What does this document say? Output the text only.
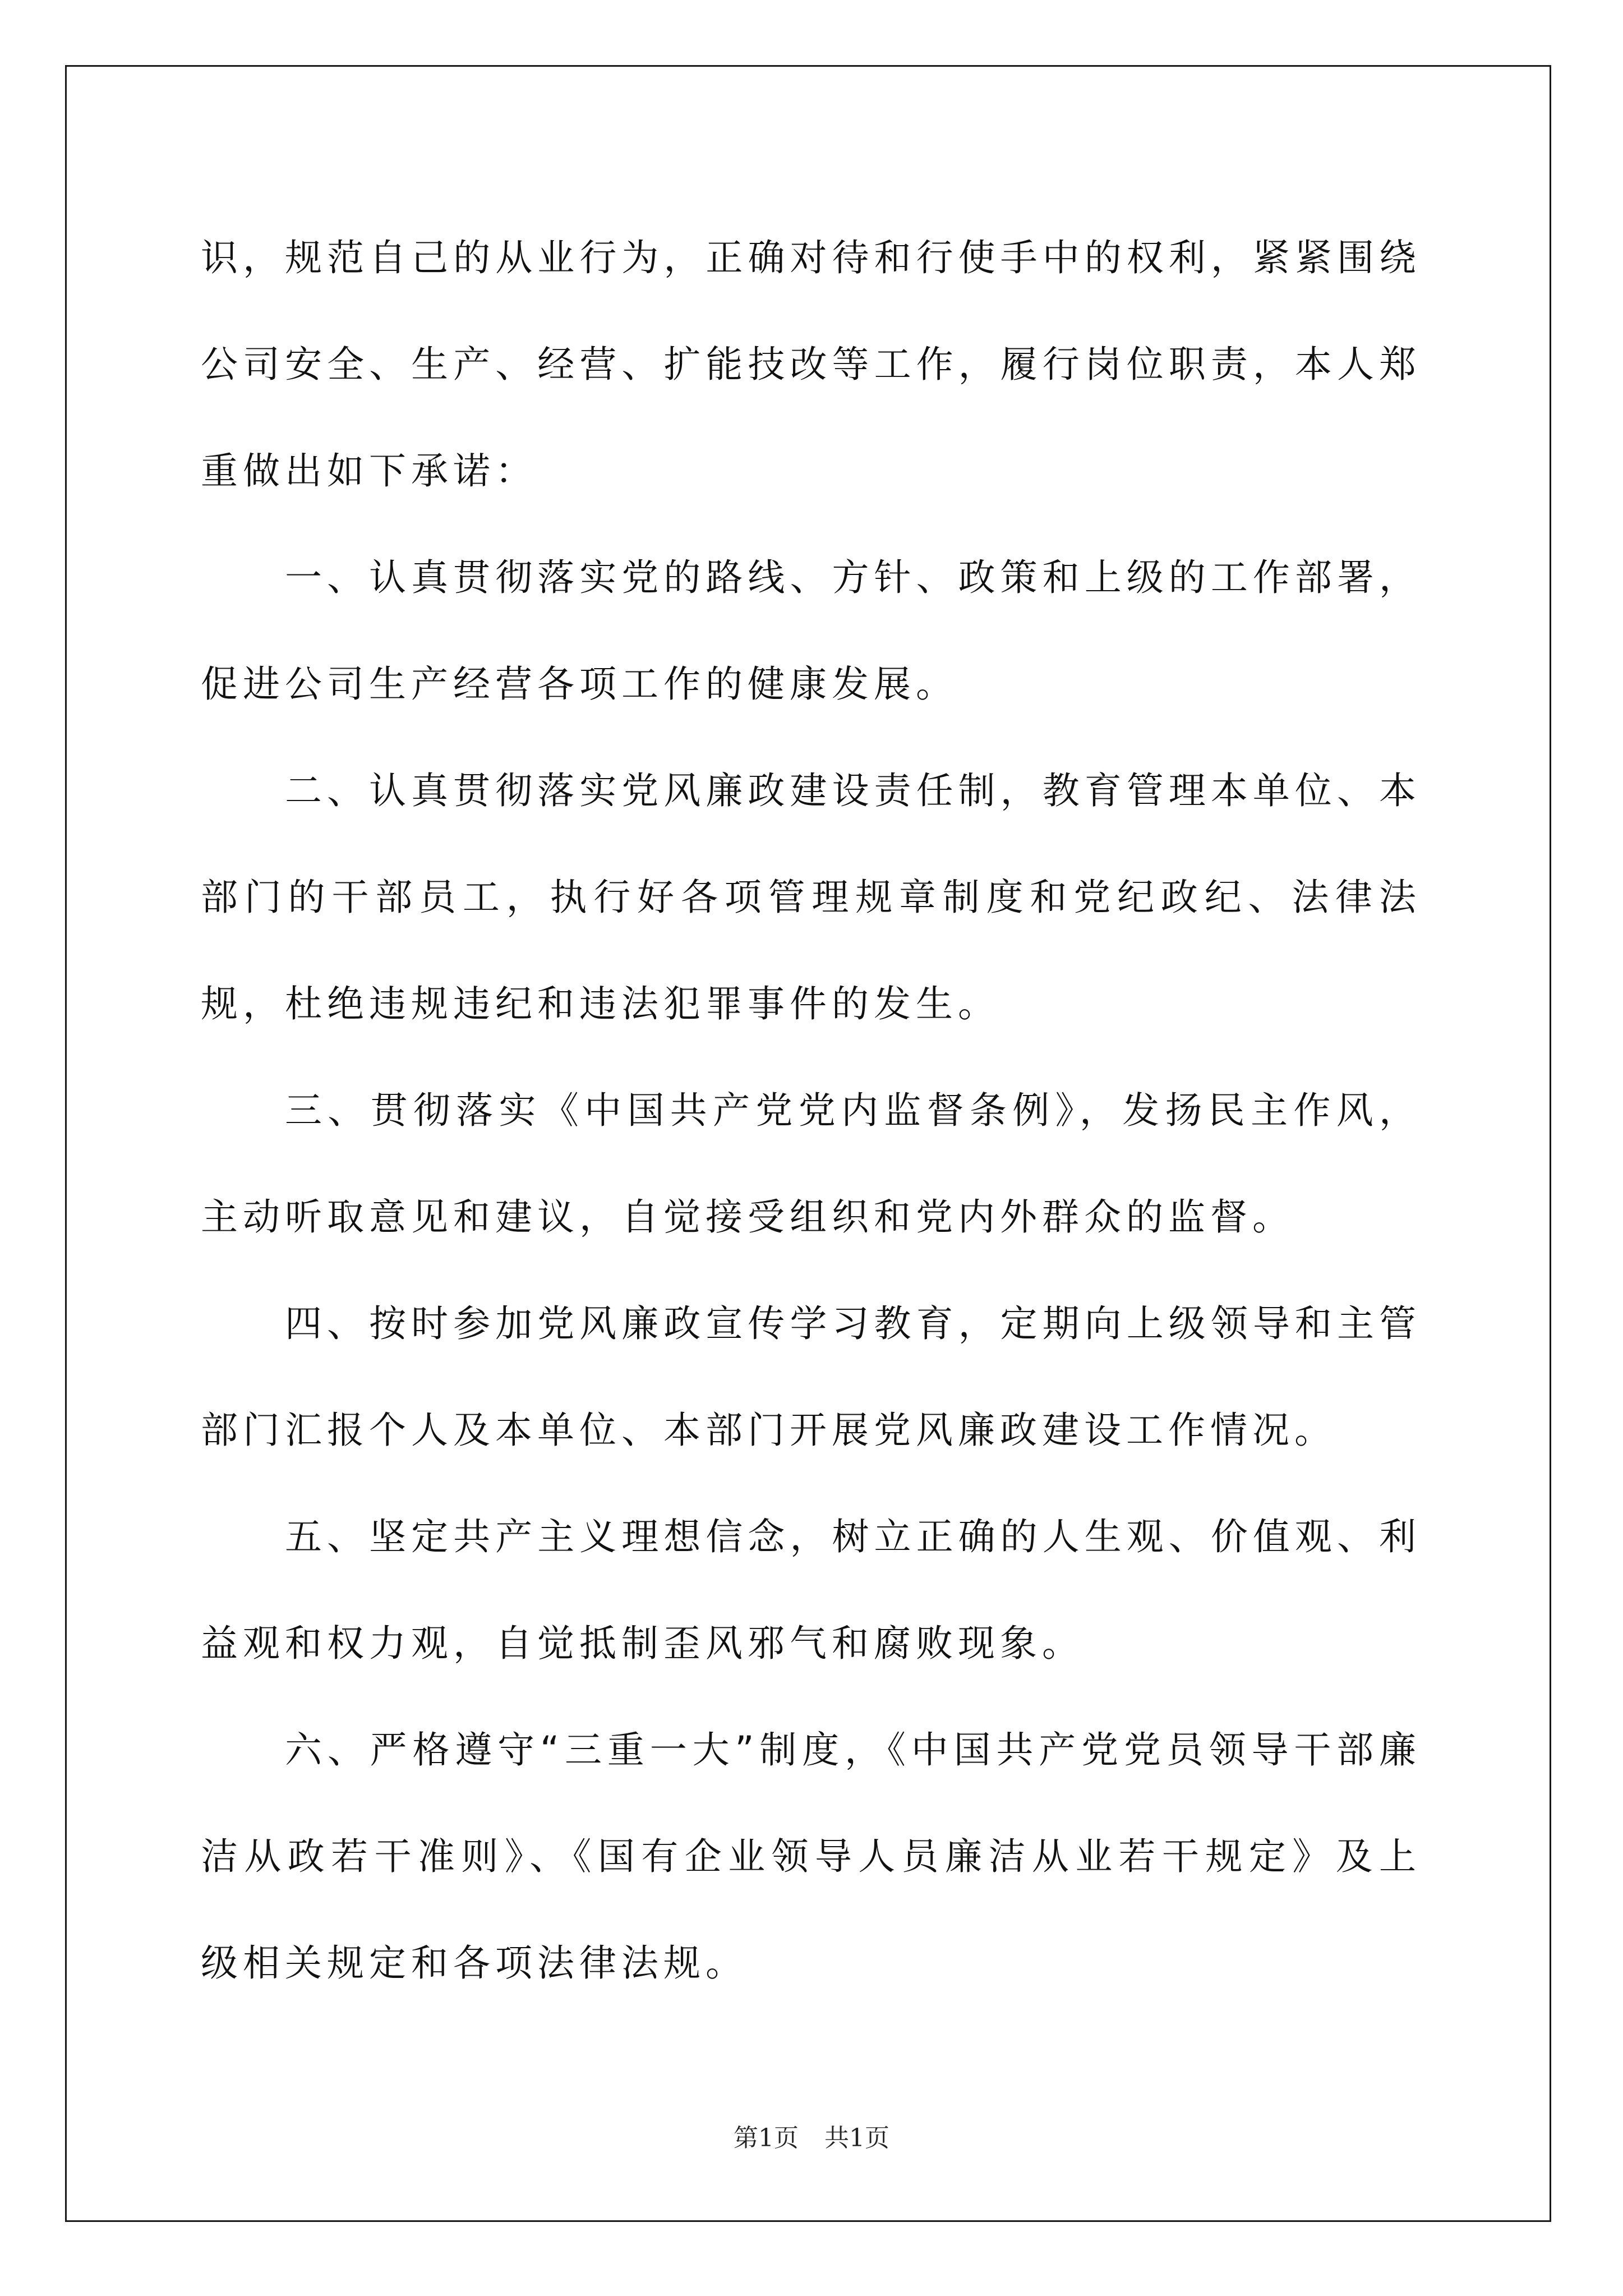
识，规范自己的从业行为，正确对待和行使手中的权利，紧紧围绕公司安全、生产、经营、扩能技改等工作，履行岗位职责，本人郑重做出如下承诺：

一、认真贯彻落实党的路线、方针、政策和上级的工作部署，促进公司生产经营各项工作的健康发展。

二、认真贯彻落实党风廉政建设责任制，教育管理本单位、本部门的干部员工，执行好各项管理规章制度和党纪政纪、法律法规，杜绝违规违纪和违法犯罪事件的发生。

三、贯彻落实《中国共产党党内监督条例》，发扬民主作风，主动听取意见和建议，自觉接受组织和党内外群众的监督。

四、按时参加党风廉政宣传学习教育，定期向上级领导和主管部门汇报个人及本单位、本部门开展党风廉政建设工作情况。

五、坚定共产主义理想信念，树立正确的人生观、价值观、利益观和权力观，自觉抵制歪风邪气和腐败现象。

六、严格遵守“三重一大”制度，《中国共产党党员领导干部廉洁从政若干准则》、《国有企业领导人员廉洁从业若干规定》及上级相关规定和各项法律法规。

第1页 共1页
